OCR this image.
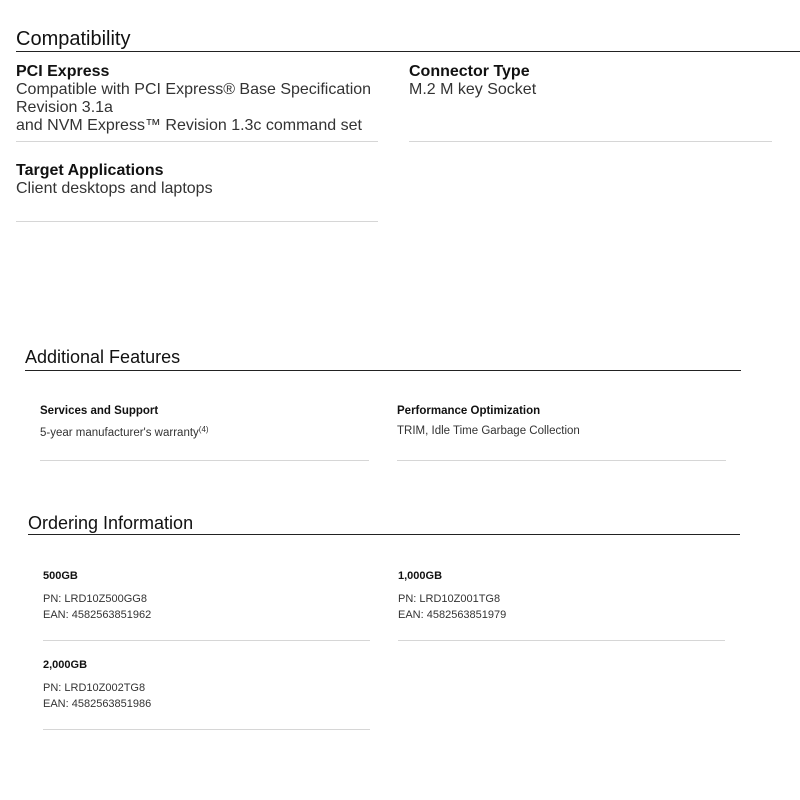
Compatibility
PCI Express
Compatible with PCI Express® Base Specification Revision 3.1a
and NVM Express™ Revision 1.3c command set
Connector Type
M.2 M key Socket
Target Applications
Client desktops and laptops
Additional Features
Services and Support
5-year manufacturer's warranty$^{(4)}$
Performance Optimization
TRIM, Idle Time Garbage Collection
Ordering Information
500GB
PN: LRD10Z500GG8
EAN: 4582563851962
1,000GB
PN: LRD10Z001TG8
EAN: 4582563851979
2,000GB
PN: LRD10Z002TG8
EAN: 4582563851986
